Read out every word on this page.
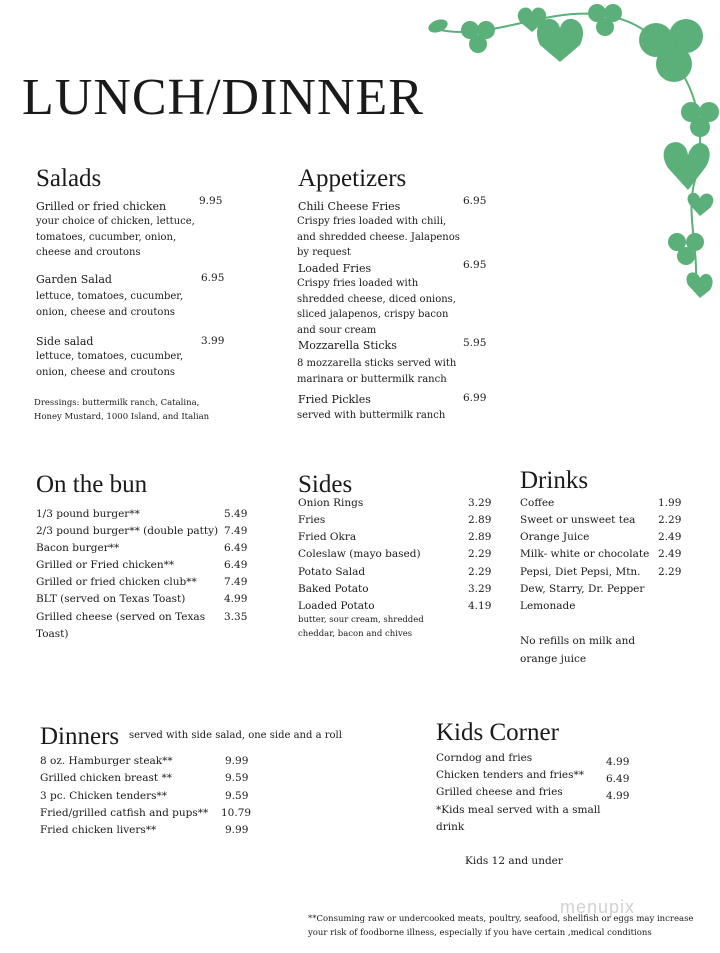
LUNCH/DINNER
Salads
Grilled or fried chicken	9.95
your choice of chicken, lettuce, tomatoes, cucumber, onion, cheese and croutons
Garden Salad	6.95
lettuce, tomatoes, cucumber, onion, cheese and croutons
Side salad	3.99
lettuce, tomatoes, cucumber, onion, cheese and croutons
Dressings: buttermilk ranch, Catalina, Honey Mustard, 1000 Island, and Italian
Appetizers
Chili Cheese Fries	6.95
Crispy fries loaded with chili, and shredded cheese. Jalapenos by request
Loaded Fries	6.95
Crispy fries loaded with shredded cheese, diced onions, sliced jalapenos, crispy bacon and sour cream
Mozzarella Sticks	5.95
8 mozzarella sticks served with marinara or buttermilk ranch
Fried Pickles	6.99
served with buttermilk ranch
On the bun
1/3 pound burger**	5.49
2/3 pound burger** (double patty) 7.49
Bacon burger**	6.49
Grilled or Fried chicken**	6.49
Grilled or fried chicken club**	7.49
BLT (served on Texas Toast)	4.99
Grilled cheese (served on Texas 3.35
Toast)
Sides
Onion Rings	3.29
Fries	2.89
Fried Okra	2.89
Coleslaw (mayo based)	2.29
Potato Salad	2.29
Baked Potato	3.29
Loaded Potato	4.19
butter, sour cream, shredded cheddar, bacon and chives
Drinks
Coffee	1.99
Sweet or unsweet tea 2.29
Orange Juice	2.49
Milk- white or chocolate 2.49
Pepsi, Diet Pepsi, Mtn. 2.29
Dew, Starry, Dr. Pepper
Lemonade
No refills on milk and orange juice
Dinners served with side salad, one side and a roll
8 oz. Hamburger steak**	9.99
Grilled chicken breast **	9.59
3 pc. Chicken tenders**	9.59
Fried/grilled catfish and pups** 10.79
Fried chicken livers**	9.99
Kids Corner
Corndog and fries	4.99
Chicken tenders and fries** 6.49
Grilled cheese and fries	4.99
*Kids meal served with a small drink
Kids 12 and under
**Consuming raw or undercooked meats, poultry, seafood, shellfish or eggs may increase your risk of foodborne illness, especially if you have certain ,medical conditions
menupix
